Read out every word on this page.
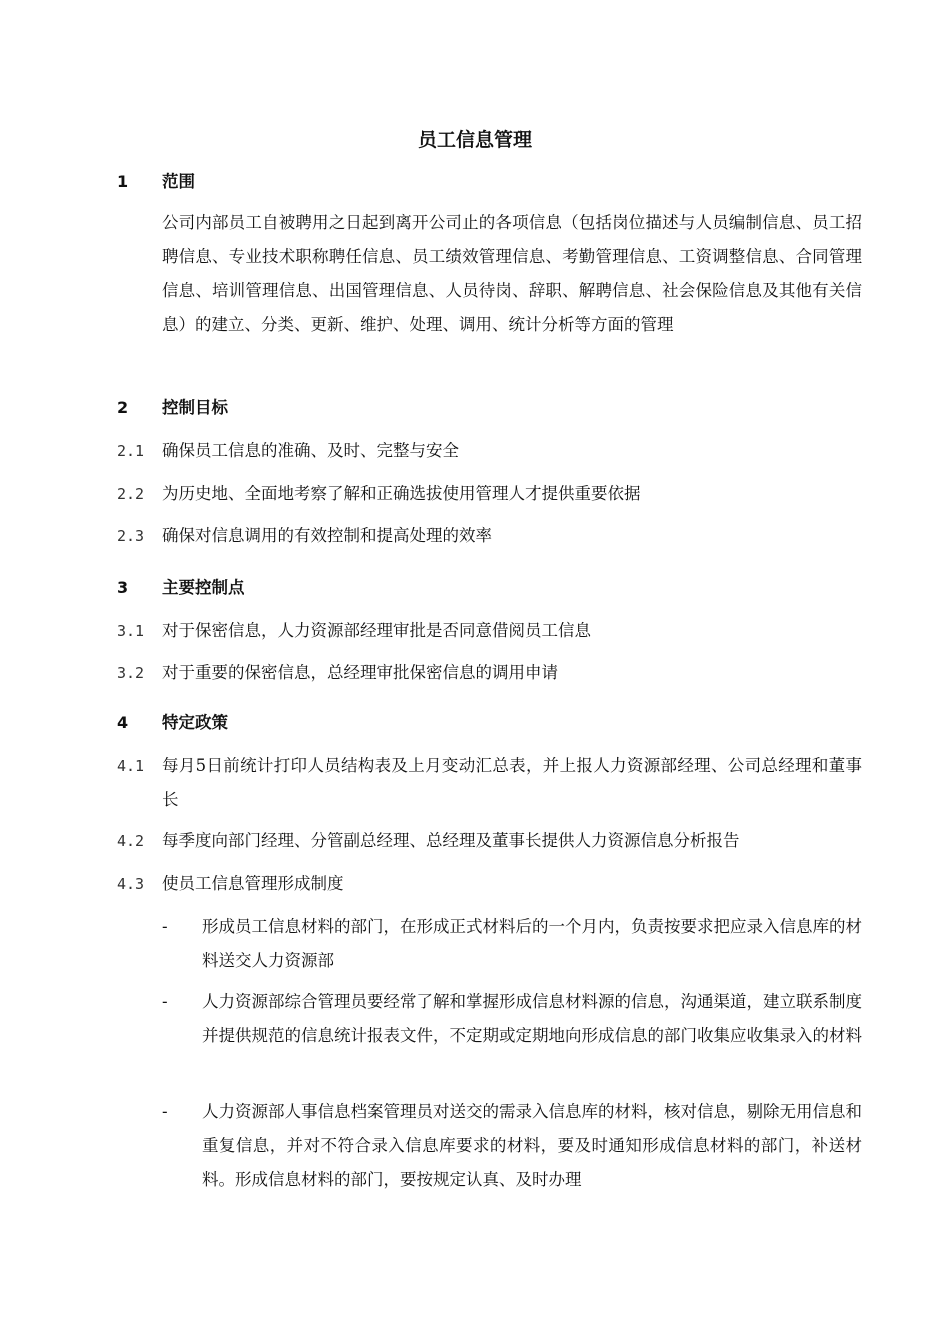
员工信息管理
1 范围

公司内部员工自被聘用之日起到离开公司止的各项信息（包括岗位描述与人员编制信息、员工招聘信息、专业技术职称聘任信息、员工绩效管理信息、考勤管理信息、工资调整信息、合同管理信息、培训管理信息、出国管理信息、人员待岗、辞职、解聘信息、社会保险信息及其他有关信息）的建立、分类、更新、维护、处理、调用、统计分析等方面的管理

2 控制目标
2.1 确保员工信息的准确、及时、完整与安全

2.2 为历史地、全面地考察了解和正确选拔使用管理人才提供重要依据

2.3 确保对信息调用的有效控制和提高处理的效率

3 主要控制点
3.1 对于保密信息，人力资源部经理审批是否同意借阅员工信息

3.2 对于重要的保密信息，总经理审批保密信息的调用申请

4 特定政策
4.1 每月5日前统计打印人员结构表及上月变动汇总表，并上报人力资源部经理、公司总经理和董事长

4.2 每季度向部门经理、分管副总经理、总经理及董事长提供人力资源信息分析报告

4.3 使员工信息管理形成制度

- 形成员工信息材料的部门，在形成正式材料后的一个月内，负责按要求把应录入信息库的材料送交人力资源部

- 人力资源部综合管理员要经常了解和掌握形成信息材料源的信息，沟通渠道，建立联系制度并提供规范的信息统计报表文件，不定期或定期地向形成信息的部门收集应收集录入的材料

- 人力资源部人事信息档案管理员对送交的需录入信息库的材料，核对信息，剔除无用信息和重复信息，并对不符合录入信息库要求的材料，要及时通知形成信息材料的部门，补送材料。形成信息材料的部门，要按规定认真、及时办理
